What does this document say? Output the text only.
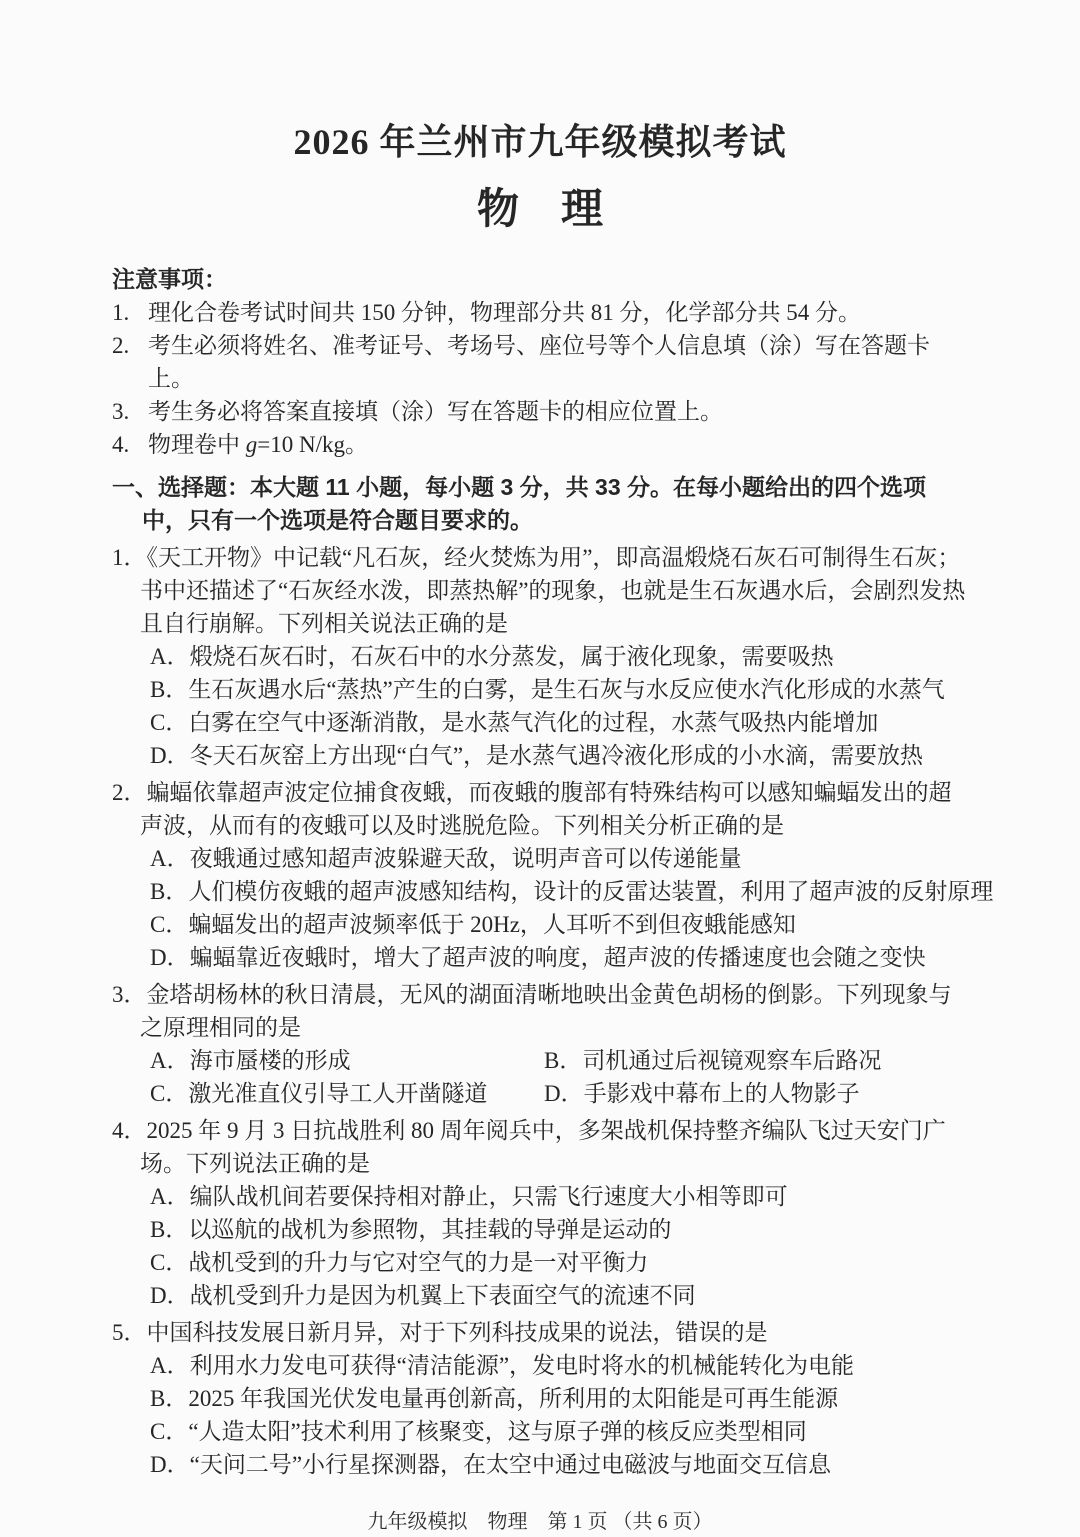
2026 年兰州市九年级模拟考试
物　理
注意事项：
1. 理化合卷考试时间共 150 分钟，物理部分共 81 分，化学部分共 54 分。
2. 考生必须将姓名、准考证号、考场号、座位号等个人信息填（涂）写在答题卡上。
3. 考生务必将答案直接填（涂）写在答题卡的相应位置上。
4. 物理卷中 g=10 N/kg。
一、选择题：本大题 11 小题，每小题 3 分，共 33 分。在每小题给出的四个选项中，只有一个选项是符合题目要求的。
1．《天工开物》中记载“凡石灰，经火焚炼为用”，即高温煅烧石灰石可制得生石灰；书中还描述了“石灰经水泼，即蒸热解”的现象，也就是生石灰遇水后，会剧烈发热且自行崩解。下列相关说法正确的是
A．煅烧石灰石时，石灰石中的水分蒸发，属于液化现象，需要吸热
B．生石灰遇水后“蒸热”产生的白雾，是生石灰与水反应使水汽化形成的水蒸气
C．白雾在空气中逐渐消散，是水蒸气汽化的过程，水蒸气吸热内能增加
D．冬天石灰窑上方出现“白气”，是水蒸气遇冷液化形成的小水滴，需要放热
2．蝙蝠依靠超声波定位捕食夜蛾，而夜蛾的腹部有特殊结构可以感知蝙蝠发出的超声波，从而有的夜蛾可以及时逃脱危险。下列相关分析正确的是
A．夜蛾通过感知超声波躲避天敌，说明声音可以传递能量
B．人们模仿夜蛾的超声波感知结构，设计的反雷达装置，利用了超声波的反射原理
C．蝙蝠发出的超声波频率低于 20Hz，人耳听不到但夜蛾能感知
D．蝙蝠靠近夜蛾时，增大了超声波的响度，超声波的传播速度也会随之变快
3．金塔胡杨林的秋日清晨，无风的湖面清晰地映出金黄色胡杨的倒影。下列现象与之原理相同的是
A．海市蜃楼的形成	B．司机通过后视镜观察车后路况
C．激光准直仪引导工人开凿隧道	D．手影戏中幕布上的人物影子
4．2025 年 9 月 3 日抗战胜利 80 周年阅兵中，多架战机保持整齐编队飞过天安门广场。下列说法正确的是
A．编队战机间若要保持相对静止，只需飞行速度大小相等即可
B．以巡航的战机为参照物，其挂载的导弹是运动的
C．战机受到的升力与它对空气的力是一对平衡力
D．战机受到升力是因为机翼上下表面空气的流速不同
5．中国科技发展日新月异，对于下列科技成果的说法，错误的是
A．利用水力发电可获得“清洁能源”，发电时将水的机械能转化为电能
B．2025 年我国光伏发电量再创新高，所利用的太阳能是可再生能源
C．“人造太阳”技术利用了核聚变，这与原子弹的核反应类型相同
D．“天问二号”小行星探测器，在太空中通过电磁波与地面交互信息
九年级模拟　物理　第 1 页 （共 6 页）
